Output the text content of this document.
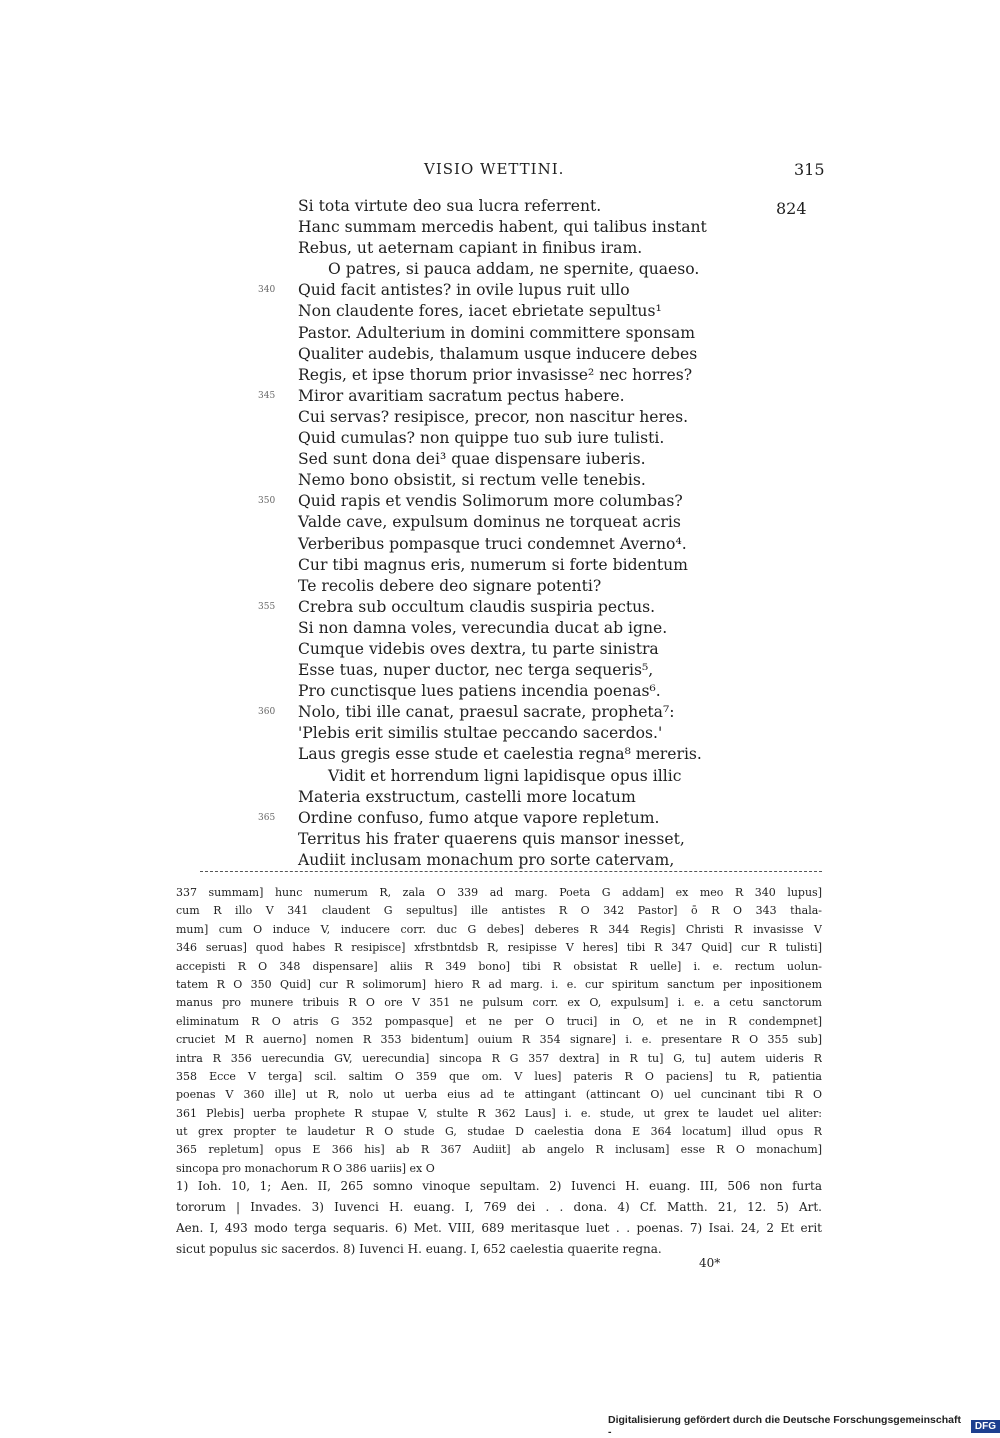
VISIO WETTINI.	315
824
Si tota virtute deo sua lucra referrent.
Hanc summam mercedis habent, qui talibus instant
Rebus, ut aeternam capiant in finibus iram.
O patres, si pauca addam, ne spernite, quaeso.
340 Quid facit antistes? in ovile lupus ruit ullo
Non claudente fores, iacet ebrietate sepultus¹
Pastor. Adulterium in domini committere sponsam
Qualiter audebis, thalamum usque inducere debes
Regis, et ipse thorum prior invasisse² nec horres?
345 Miror avaritiam sacratum pectus habere.
Cui servas? resipisce, precor, non nascitur heres.
Quid cumulas? non quippe tuo sub iure tulisti.
Sed sunt dona dei³ quae dispensare iuberis.
Nemo bono obsistit, si rectum velle tenebis.
350 Quid rapis et vendis Solimorum more columbas?
Valde cave, expulsum dominus ne torqueat acris
Verberibus pompasque truci condemnet Averno⁴.
Cur tibi magnus eris, numerum si forte bidentum
Te recolis debere deo signare potenti?
355 Crebra sub occultum claudis suspiria pectus.
Si non damna voles, verecundia ducat ab igne.
Cumque videbis oves dextra, tu parte sinistra
Esse tuas, nuper ductor, nec terga sequeris⁵,
Pro cunctisque lues patiens incendia poenas⁶.
360 Nolo, tibi ille canat, praesul sacrate, propheta⁷:
'Plebis erit similis stultae peccando sacerdos.'
Laus gregis esse stude et caelestia regna⁸ mereris.
Vidit et horrendum ligni lapidisque opus illic
Materia exstructum, castelli more locatum
365 Ordine confuso, fumo atque vapore repletum.
Territus his frater quaerens quis mansor inesset,
Audiit inclusam monachum pro sorte catervam,
337 summam] hunc numerum R, zala O 339 ad marg. Poeta G addam] ex meo R 340 lupus]
cum R illo V 341 claudent G sepultus] ille antistes R O 342 Pastor] ō R O 343 thala-
mum] cum O induce V, inducere corr. duc G debes] deberes R 344 Regis] Christi R invasisse V
346 seruas] quod habes R resipisce] xfrstbntdsb R, resipisse V heres] tibi R 347 Quid] cur R tulisti]
accepisti R O 348 dispensare] aliis R 349 bono] tibi R obsistat R uelle] i. e. rectum uolun-
tatem R O 350 Quid] cur R solimorum] hiero R ad marg. i. e. cur spiritum sanctum per inpositionem
manus pro munere tribuis R O ore V 351 ne pulsum corr. ex O, expulsum] i. e. a cetu sanctorum
eliminatum R O atris G 352 pompasque] et ne per O truci] in O, et ne in R condempnet]
cruciet M R auerno] nomen R 353 bidentum] ouium R 354 signare] i. e. presentare R O 355 sub]
intra R 356 uerecundia GV, uerecundia] sincopa R G 357 dextra] in R tu] G, tu] autem uideris R
358 Ecce V terga] scil. saltim O 359 que om. V lues] pateris R O paciens] tu R, patientia
poenas V 360 ille] ut R, nolo ut uerba eius ad te attingant (attincant O) uel cuncinant tibi R O
361 Plebis] uerba prophete R stupae V, stulte R 362 Laus] i. e. stude, ut grex te laudet uel aliter:
ut grex propter te laudetur R O stude G, studae D caelestia dona E 364 locatum] illud opus R
365 repletum] opus E 366 his] ab R 367 Audiit] ab angelo R inclusam] esse R O monachum]
sincopa pro monachorum R O 386 uariis] ex O
1) Ioh. 10, 1; Aen. II, 265 somno vinoque sepultam. 2) Iuvenci H. euang. III, 506 non furta
tororum | Invades. 3) Iuvenci H. euang. I, 769 dei . . dona. 4) Cf. Matth. 21, 12. 5) Art.
Aen. I, 493 modo terga sequaris. 6) Met. VIII, 689 meritasque luet . . poenas. 7) Isai. 24, 2 Et erit
sicut populus sic sacerdos. 8) Iuvenci H. euang. I, 652 caelestia quaerite regna.
40*
Digitalisierung gefördert durch die Deutsche Forschungsgemeinschaft -	DFG
